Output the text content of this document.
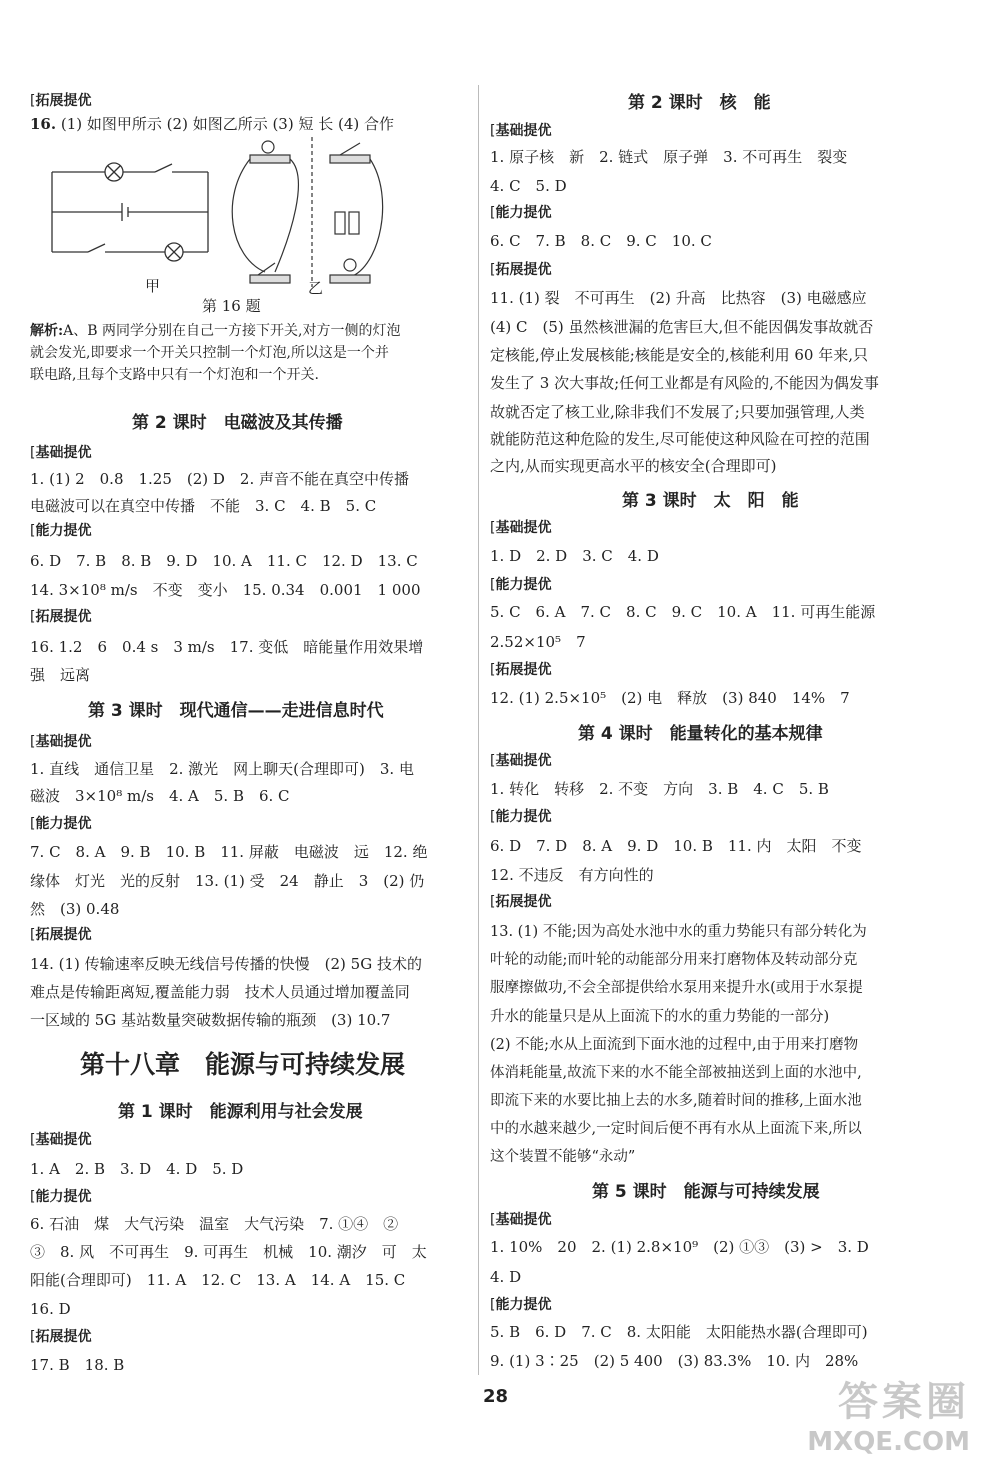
[ 拓展提优
16. (1) 如图甲所示 (2) 如图乙所示 (3) 短 长 (4) 合作
甲	乙
第 16 题
解析:A、B 两同学分别在自己一方接下开关,对方一侧的灯泡
就会发光,即要求一个开关只控制一个灯泡,所以这是一个并
联电路,且每个支路中只有一个灯泡和一个开关.
第 2 课时　电磁波及其传播
[ 基础提优
1. (1) 2　0.8　1.25　(2) D　2. 声音不能在真空中传播
电磁波可以在真空中传播　不能　3. C　4. B　5. C
[ 能力提优
6. D　7. B　8. B　9. D　10. A　11. C　12. D　13. C
14. 3×10⁸ m/s　不变　变小　15. 0.34　0.001　1 000
[ 拓展提优
16. 1.2　6　0.4 s　3 m/s　17. 变低　暗能量作用效果增
强　远离
第 3 课时　现代通信——走进信息时代
[ 基础提优
1. 直线　通信卫星　2. 激光　网上聊天(合理即可)　3. 电
磁波　3×10⁸ m/s　4. A　5. B　6. C
[ 能力提优
7. C　8. A　9. B　10. B　11. 屏蔽　电磁波　远　12. 绝
缘体　灯光　光的反射　13. (1) 受　24　静止　3　(2) 仍
然　(3) 0.48
[ 拓展提优
14. (1) 传输速率反映无线信号传播的快慢　(2) 5G 技术的
难点是传输距离短,覆盖能力弱　技术人员通过增加覆盖同
一区域的 5G 基站数量突破数据传输的瓶颈　(3) 10.7
第十八章　能源与可持续发展
第 1 课时　能源利用与社会发展
[ 基础提优
1. A　2. B　3. D　4. D　5. D
[ 能力提优
6. 石油　煤　大气污染　温室　大气污染　7. ①④　②
③　8. 风　不可再生　9. 可再生　机械　10. 潮汐　可　太
阳能(合理即可)　11. A　12. C　13. A　14. A　15. C
16. D
[ 拓展提优
17. B　18. B
第 2 课时　核　能
[ 基础提优
1. 原子核　新　2. 链式　原子弹　3. 不可再生　裂变
4. C　5. D
[ 能力提优
6. C　7. B　8. C　9. C　10. C
[ 拓展提优
11. (1) 裂　不可再生　(2) 升高　比热容　(3) 电磁感应
(4) C　(5) 虽然核泄漏的危害巨大,但不能因偶发事故就否
定核能,停止发展核能;核能是安全的,核能利用 60 年来,只
发生了 3 次大事故;任何工业都是有风险的,不能因为偶发事
故就否定了核工业,除非我们不发展了;只要加强管理,人类
就能防范这种危险的发生,尽可能使这种风险在可控的范围
之内,从而实现更高水平的核安全(合理即可)
第 3 课时　太　阳　能
[ 基础提优
1. D　2. D　3. C　4. D
[ 能力提优
5. C　6. A　7. C　8. C　9. C　10. A　11. 可再生能源
2.52×10⁵　7
[ 拓展提优
12. (1) 2.5×10⁵　(2) 电　释放　(3) 840　14%　7
第 4 课时　能量转化的基本规律
[ 基础提优
1. 转化　转移　2. 不变　方向　3. B　4. C　5. B
[ 能力提优
6. D　7. D　8. A　9. D　10. B　11. 内　太阳　不变
12. 不违反　有方向性的
[ 拓展提优
13. (1) 不能;因为高处水池中水的重力势能只有部分转化为
叶轮的动能;而叶轮的动能部分用来打磨物体及转动部分克
服摩擦做功,不会全部提供给水泵用来提升水(或用于水泵提
升水的能量只是从上面流下的水的重力势能的一部分)
(2) 不能;水从上面流到下面水池的过程中,由于用来打磨物
体消耗能量,故流下来的水不能全部被抽送到上面的水池中,
即流下来的水要比抽上去的水多,随着时间的推移,上面水池
中的水越来越少,一定时间后便不再有水从上面流下来,所以
这个装置不能够“永动”
第 5 课时　能源与可持续发展
[ 基础提优
1. 10%　20　2. (1) 2.8×10⁹　(2) ①③　(3) >　3. D
4. D
[ 能力提优
5. B　6. D　7. C　8. 太阳能　太阳能热水器(合理即可)
9. (1) 3∶25　(2) 5 400　(3) 83.3%　10. 内　28%
28	答案圈
MXQE.COM
